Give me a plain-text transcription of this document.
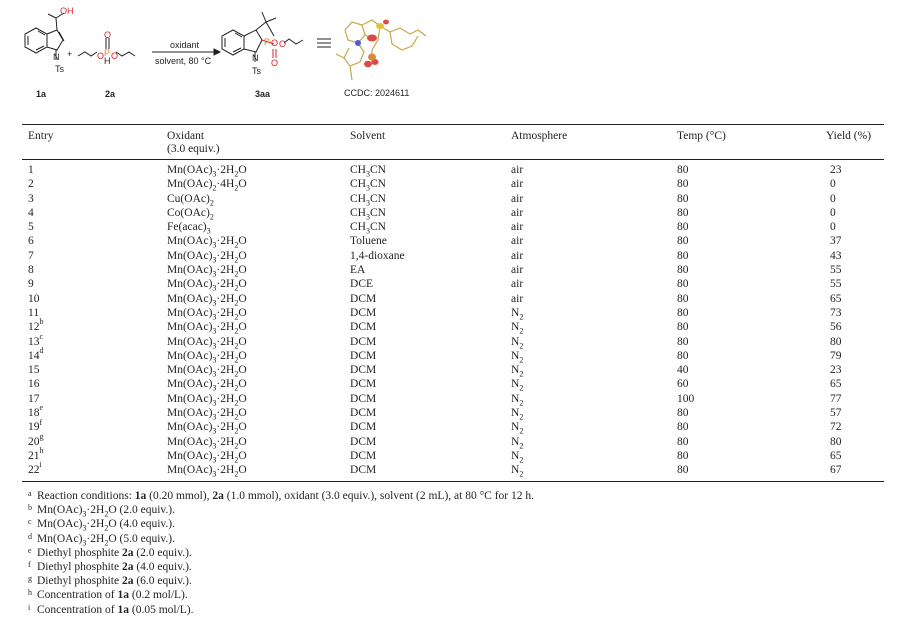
OH
N
Ts
+	O P
O
H O
oxidant
solvent, 80 °C
O
P O
O
N
Ts
CCDC: 2024611
1a	2a	3aa
Entry	Oxidant
(3.0 equiv.)
Solvent	Atmosphere	Temp (°C)	Yield (%)
1	$Mn(OAc)_3\cdot 2H_2O$	$CH_3CN$	air	80	23
2	$Mn(OAc)_2\cdot 4H_2O$	$CH_3CN$	air	80	0
3	$Cu(OAc)_2$	$CH_3CN$	air	80	0
4	$Co(OAc)_2$	$CH_3CN$	air	80	0
5	$Fe(acac)_3$	$CH_3CN$	air	80	0
6	$Mn(OAc)_3\cdot 2H_2O$	Toluene	air	80	37
7	$Mn(OAc)_3\cdot 2H_2O$	1,4-dioxane	air	80	43
8	$Mn(OAc)_3\cdot 2H_2O$	EA	air	80	55
9	$Mn(OAc)_3\cdot 2H_2O$	DCE	air	80	55
10	$Mn(OAc)_3\cdot 2H_2O$	DCM	air	80	65
11	$Mn(OAc)_3\cdot 2H_2O$	DCM	$N_2$	80	73
12$^b$	$Mn(OAc)_3\cdot 2H_2O$	DCM	$N_2$	80	56
13$^c$	$Mn(OAc)_3\cdot 2H_2O$	DCM	$N_2$	80	80
14$^d$	$Mn(OAc)_3\cdot 2H_2O$	DCM	$N_2$	80	79
15	$Mn(OAc)_3\cdot 2H_2O$	DCM	$N_2$	40	23
16	$Mn(OAc)_3\cdot 2H_2O$	DCM	$N_2$	60	65
17	$Mn(OAc)_3\cdot 2H_2O$	DCM	$N_2$	100	77
18e	$Mn(OAc)_3\cdot 2H_2O$	DCM	$N_2$	80	57
19$^f$	$Mn(OAc)_3\cdot 2H_2O$	DCM	$N_2$	80	72
20$^g$	$Mn(OAc)_3\cdot 2H_2O$	DCM	$N_2$	80	80
21$^h$	$Mn(OAc)_3\cdot 2H_2O$	DCM	$N_2$	80	65
22$^i$	$Mn(OAc)_3\cdot 2H_2O$	DCM	$N_2$	80	67
a Reaction conditions: 1a (0.20 mmol), 2a (1.0 mmol), oxidant (3.0 equiv.), solvent (2 mL), at 80 °C for 12 h.
b $Mn(OAc)_3\cdot 2H_2O$ (2.0 equiv.).
c $Mn(OAc)_3\cdot 2H_2O$ (4.0 equiv.).
d $Mn(OAc)_3\cdot 2H_2O$ (5.0 equiv.).
e Diethyl phosphite 2a (2.0 equiv.).
f Diethyl phosphite 2a (4.0 equiv.).
g Diethyl phosphite 2a (6.0 equiv.).
h Concentration of 1a (0.2 mol/L).
i Concentration of 1a (0.05 mol/L).
